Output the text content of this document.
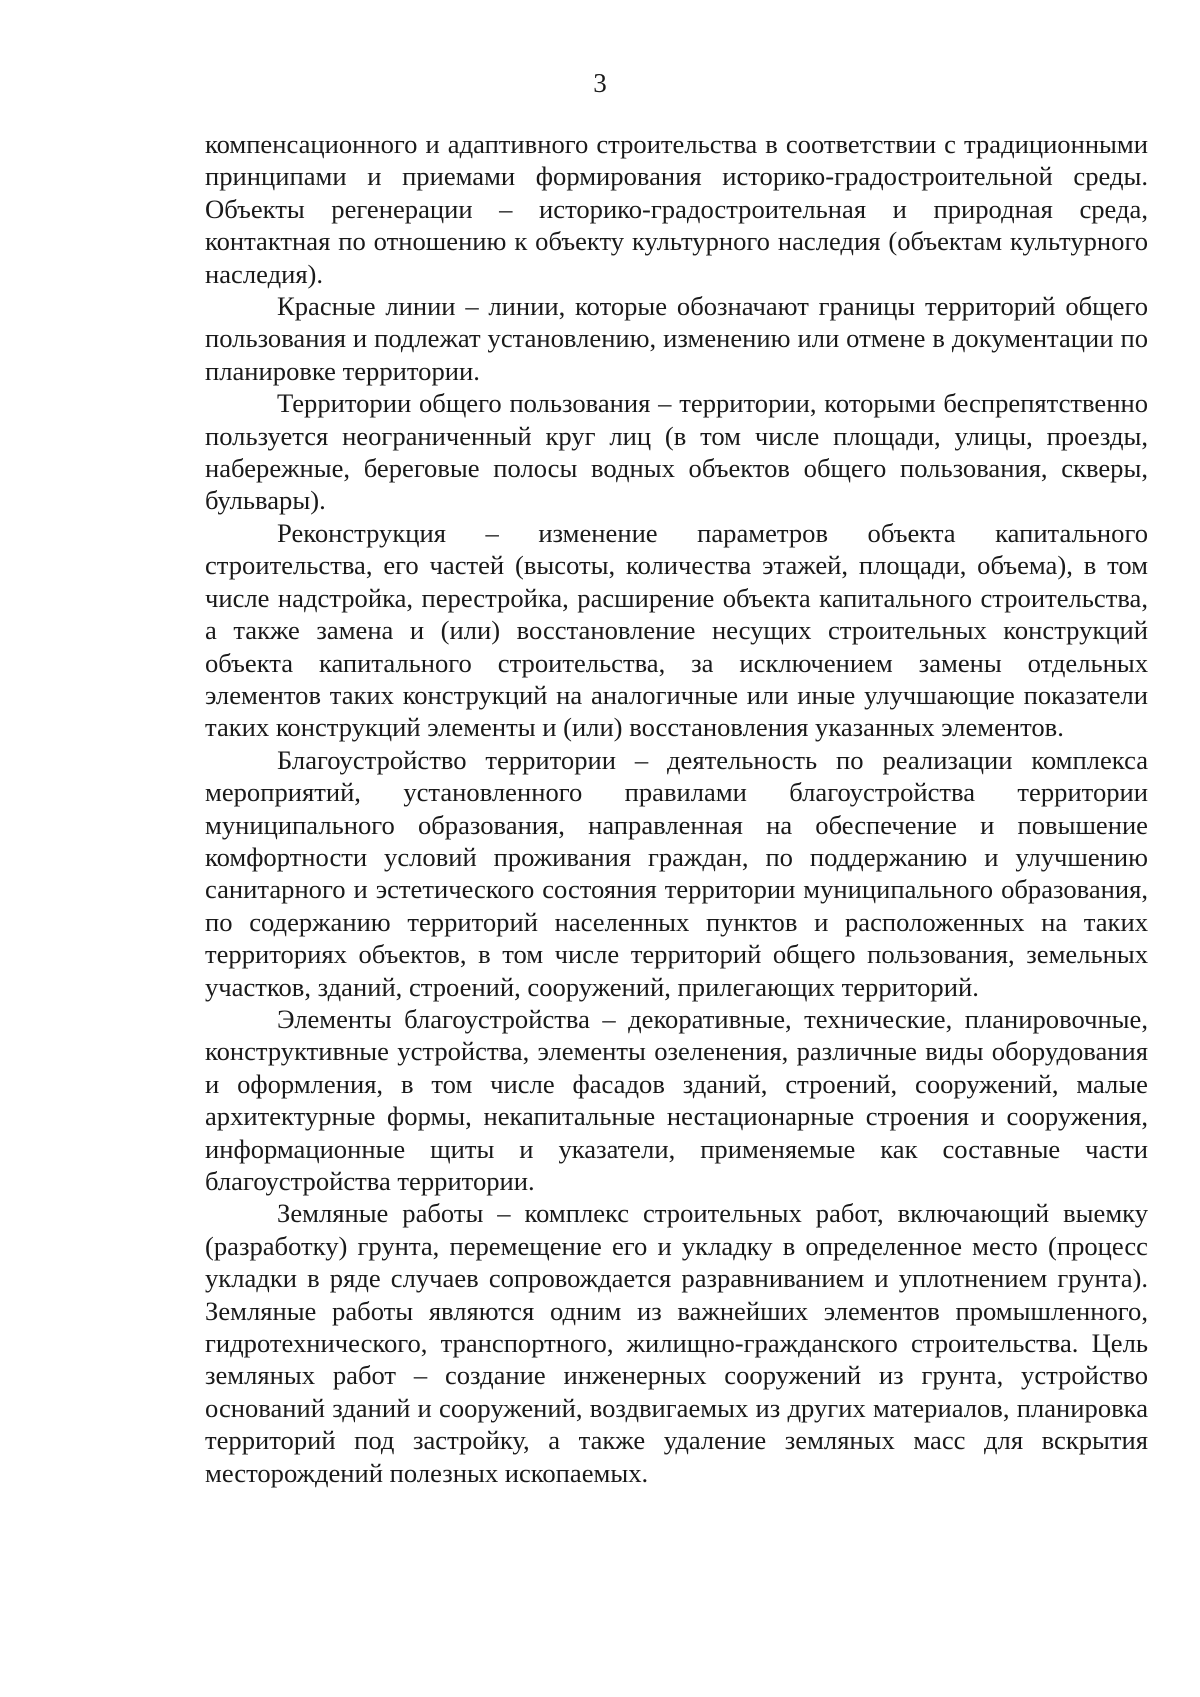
3

компенсационного и адаптивного строительства в соответствии с традиционными принципами и приемами формирования историко-градостроительной среды. Объекты регенерации – историко-градостроительная и природная среда, контактная по отношению к объекту культурного наследия (объектам культурного наследия).

Красные линии – линии, которые обозначают границы территорий общего пользования и подлежат установлению, изменению или отмене в документации по планировке территории.

Территории общего пользования – территории, которыми беспрепятственно пользуется неограниченный круг лиц (в том числе площади, улицы, проезды, набережные, береговые полосы водных объектов общего пользования, скверы, бульвары).

Реконструкция – изменение параметров объекта капитального строительства, его частей (высоты, количества этажей, площади, объема), в том числе надстройка, перестройка, расширение объекта капитального строительства, а также замена и (или) восстановление несущих строительных конструкций объекта капитального строительства, за исключением замены отдельных элементов таких конструкций на аналогичные или иные улучшающие показатели таких конструкций элементы и (или) восстановления указанных элементов.

Благоустройство территории – деятельность по реализации комплекса мероприятий, установленного правилами благоустройства территории муниципального образования, направленная на обеспечение и повышение комфортности условий проживания граждан, по поддержанию и улучшению санитарного и эстетического состояния территории муниципального образования, по содержанию территорий населенных пунктов и расположенных на таких территориях объектов, в том числе территорий общего пользования, земельных участков, зданий, строений, сооружений, прилегающих территорий.

Элементы благоустройства – декоративные, технические, планировочные, конструктивные устройства, элементы озеленения, различные виды оборудования и оформления, в том числе фасадов зданий, строений, сооружений, малые архитектурные формы, некапитальные нестационарные строения и сооружения, информационные щиты и указатели, применяемые как составные части благоустройства территории.

Земляные работы – комплекс строительных работ, включающий выемку (разработку) грунта, перемещение его и укладку в определенное место (процесс укладки в ряде случаев сопровождается разравниванием и уплотнением грунта). Земляные работы являются одним из важнейших элементов промышленного, гидротехнического, транспортного, жилищно-гражданского строительства. Цель земляных работ – создание инженерных сооружений из грунта, устройство оснований зданий и сооружений, воздвигаемых из других материалов, планировка территорий под застройку, а также удаление земляных масс для вскрытия месторождений полезных ископаемых.
